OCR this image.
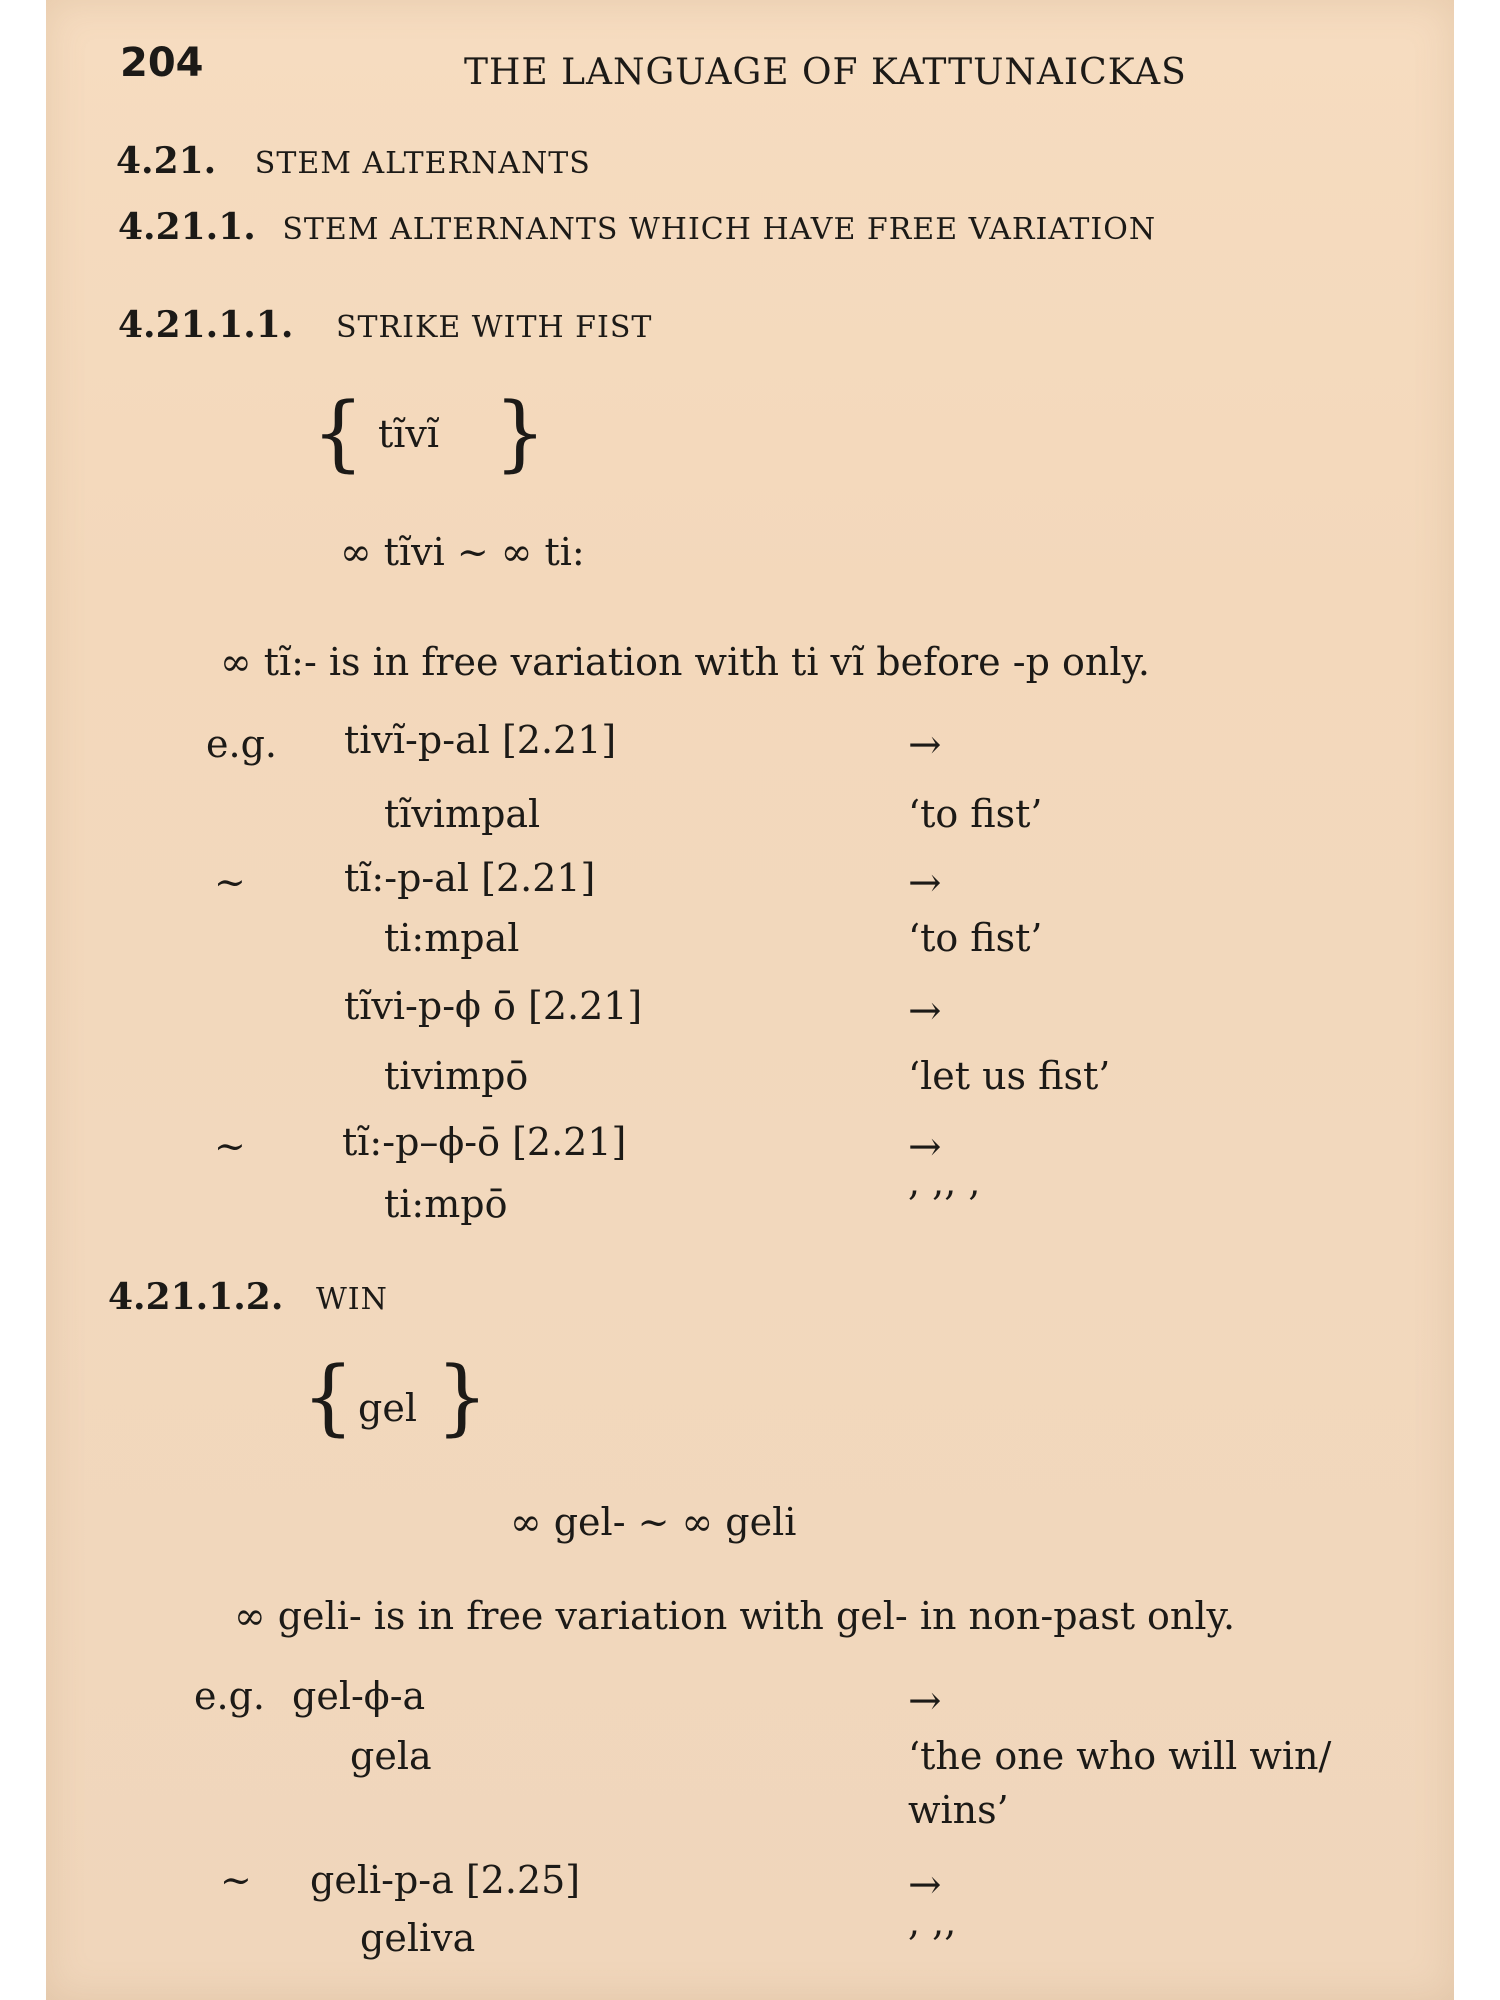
204	THE LANGUAGE OF KATTUNAICKAS
4.21. STEM ALTERNANTS
4.21.1. STEM ALTERNANTS WHICH HAVE FREE VARIATION
4.21.1.1. STRIKE WITH FIST
{ tĩvĩ }
∞ tĩvi ~ ∞ ti:
∞ tĩ:- is in free variation with ti vĩ before -p only.
e.g. tivĩ-p-al [2.21]	→
tĩvimpal	‘to fist’
~	tĩ:-p-al [2.21]	→
ti:mpal	‘to fist’
tĩvi-p-ϕ ō [2.21]	→
tivimpō	‘let us fist’
~	tĩ:-p–ϕ-ō [2.21]	→
ti:mpō	, ,, ,
4.21.1.2. WIN
{ gel }
∞ gel- ~ ∞ geli
∞ geli- is in free variation with gel- in non-past only.
e.g. gel-ϕ-a	→
gela	‘the one who will win/
wins’
~ geli-p-a [2.25]	→
geliva	, ,,
